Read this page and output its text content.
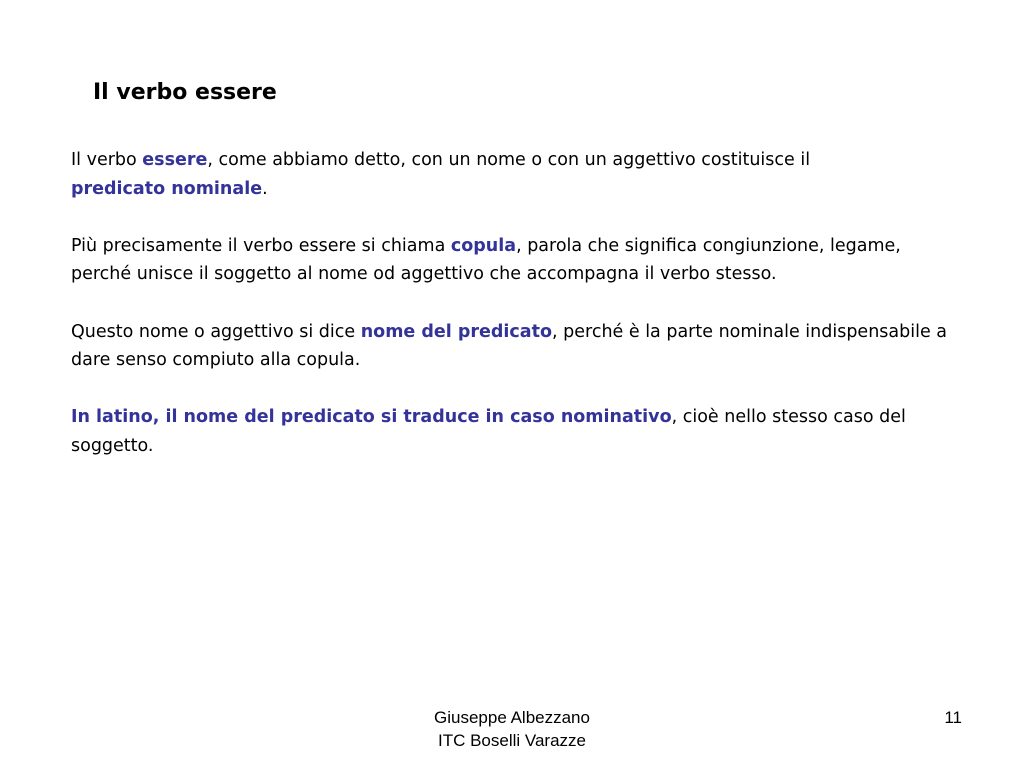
Il verbo essere

Il verbo essere, come abbiamo detto, con un nome o con un aggettivo costituisce il
predicato nominale.

Più precisamente il verbo essere si chiama copula, parola che significa congiunzione, legame, perché unisce il soggetto al nome od aggettivo che accompagna il verbo stesso.

Questo nome o aggettivo si dice nome del predicato, perché è la parte nominale indispensabile a dare senso compiuto alla copula.

In latino, il nome del predicato si traduce in caso nominativo, cioè nello stesso caso del soggetto.

Giuseppe Albezzano
ITC Boselli Varazze
11
